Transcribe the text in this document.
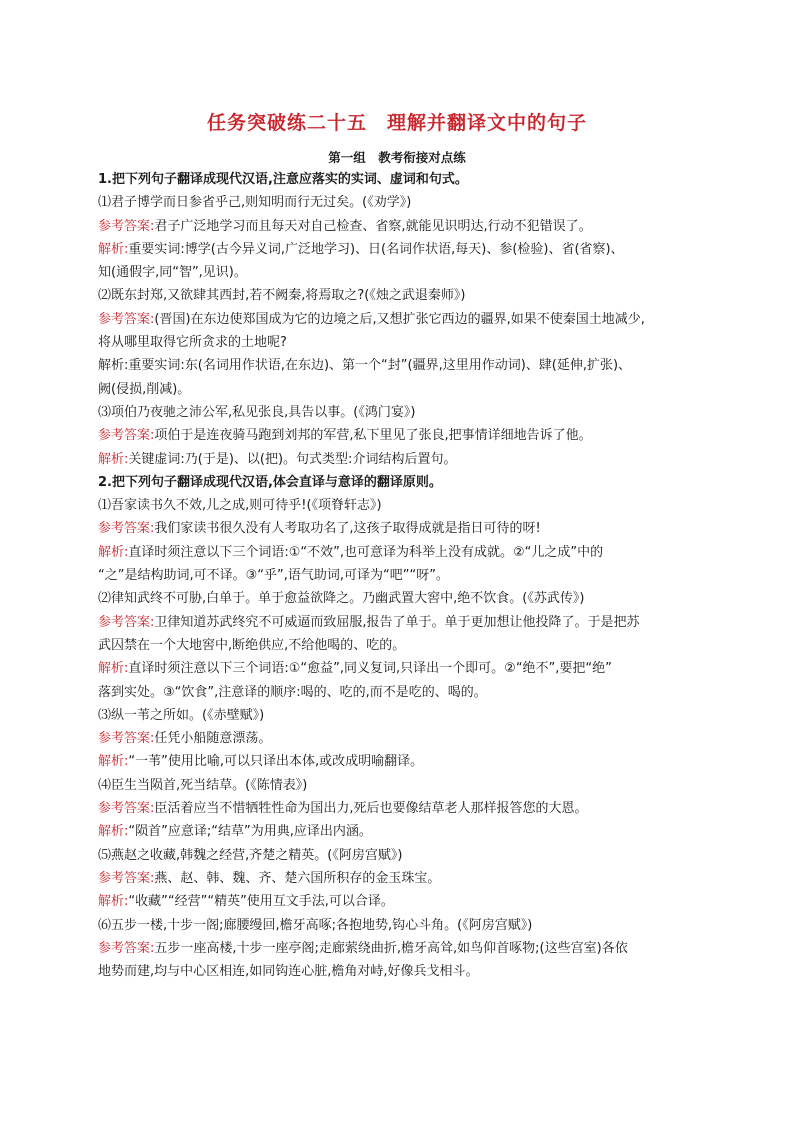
任务突破练二十五　理解并翻译文中的句子
第一组　教考衔接对点练
1.把下列句子翻译成现代汉语,注意应落实的实词、虚词和句式。
⑴君子博学而日参省乎己,则知明而行无过矣。(《劝学》)
参考答案:君子广泛地学习而且每天对自己检查、省察,就能见识明达,行动不犯错误了。
解析:重要实词:博学(古今异义词,广泛地学习)、日(名词作状语,每天)、参(检验)、省(省察)、
知(通假字,同“智”,见识)。
⑵既东封郑,又欲肆其西封,若不阙秦,将焉取之?(《烛之武退秦师》)
参考答案:(晋国)在东边使郑国成为它的边境之后,又想扩张它西边的疆界,如果不使秦国土地减少,
将从哪里取得它所贪求的土地呢?
解析:重要实词:东(名词用作状语,在东边)、第一个“封”(疆界,这里用作动词)、肆(延伸,扩张)、
阙(侵损,削减)。
⑶项伯乃夜驰之沛公军,私见张良,具告以事。(《鸿门宴》)
参考答案:项伯于是连夜骑马跑到刘邦的军营,私下里见了张良,把事情详细地告诉了他。
解析:关键虚词:乃(于是)、以(把)。句式类型:介词结构后置句。
2.把下列句子翻译成现代汉语,体会直译与意译的翻译原则。
⑴吾家读书久不效,儿之成,则可待乎!(《项脊轩志》)
参考答案:我们家读书很久没有人考取功名了,这孩子取得成就是指日可待的呀!
解析:直译时须注意以下三个词语:①“不效”,也可意译为科举上没有成就。②“儿之成”中的
“之”是结构助词,可不译。③“乎”,语气助词,可译为“吧”“呀”。
⑵律知武终不可胁,白单于。单于愈益欲降之。乃幽武置大窖中,绝不饮食。(《苏武传》)
参考答案:卫律知道苏武终究不可威逼而致屈服,报告了单于。单于更加想让他投降了。于是把苏
武囚禁在一个大地窖中,断绝供应,不给他喝的、吃的。
解析:直译时须注意以下三个词语:①“愈益”,同义复词,只译出一个即可。②“绝不”,要把“绝”
落到实处。③“饮食”,注意译的顺序:喝的、吃的,而不是吃的、喝的。
⑶纵一苇之所如。(《赤壁赋》)
参考答案:任凭小船随意漂荡。
解析:“一苇”使用比喻,可以只译出本体,或改成明喻翻译。
⑷臣生当陨首,死当结草。(《陈情表》)
参考答案:臣活着应当不惜牺牲性命为国出力,死后也要像结草老人那样报答您的大恩。
解析:“陨首”应意译;“结草”为用典,应译出内涵。
⑸燕赵之收藏,韩魏之经营,齐楚之精英。(《阿房宫赋》)
参考答案:燕、赵、韩、魏、齐、楚六国所积存的金玉珠宝。
解析:“收藏”“经营”“精英”使用互文手法,可以合译。
⑹五步一楼,十步一阁;廊腰缦回,檐牙高啄;各抱地势,钩心斗角。(《阿房宫赋》)
参考答案:五步一座高楼,十步一座亭阁;走廊萦绕曲折,檐牙高耸,如鸟仰首啄物;(这些宫室)各依
地势而建,均与中心区相连,如同钩连心脏,檐角对峙,好像兵戈相斗。
